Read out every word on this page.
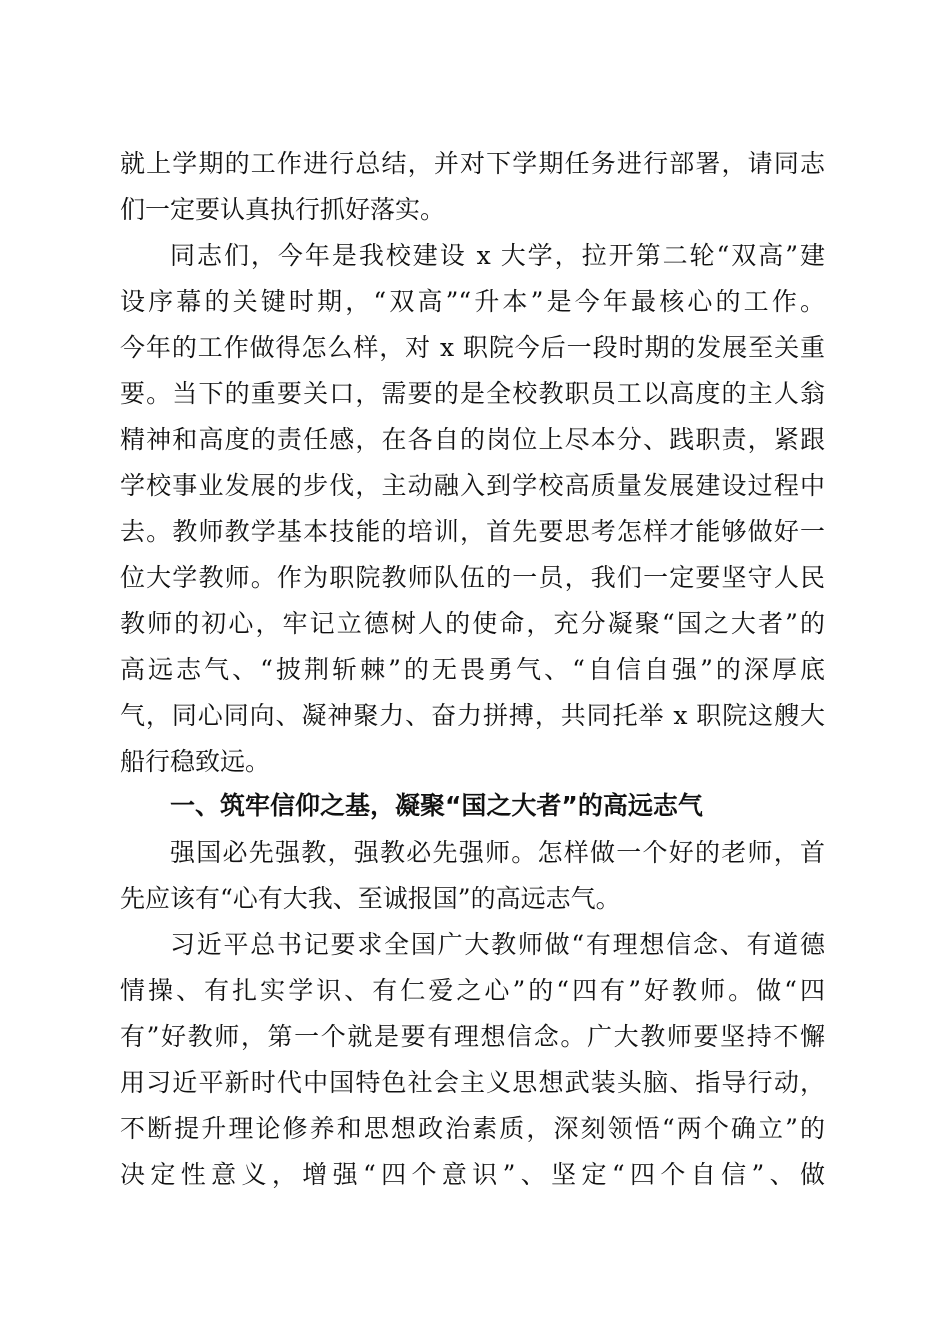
就上学期的工作进行总结，并对下学期任务进行部署，请同志
们一定要认真执行抓好落实。
同志们，今年是我校建设 x 大学，拉开第二轮“双高”建
设序幕的关键时期，“双高”“升本”是今年最核心的工作。
今年的工作做得怎么样，对 x 职院今后一段时期的发展至关重
要。当下的重要关口，需要的是全校教职员工以高度的主人翁
精神和高度的责任感，在各自的岗位上尽本分、践职责，紧跟
学校事业发展的步伐，主动融入到学校高质量发展建设过程中
去。教师教学基本技能的培训，首先要思考怎样才能够做好一
位大学教师。作为职院教师队伍的一员，我们一定要坚守人民
教师的初心，牢记立德树人的使命，充分凝聚“国之大者”的
高远志气、“披荆斩棘”的无畏勇气、“自信自强”的深厚底
气，同心同向、凝神聚力、奋力拼搏，共同托举 x 职院这艘大
船行稳致远。
一、筑牢信仰之基，凝聚“国之大者”的高远志气
强国必先强教，强教必先强师。怎样做一个好的老师，首
先应该有“心有大我、至诚报国”的高远志气。
习近平总书记要求全国广大教师做“有理想信念、有道德
情操、有扎实学识、有仁爱之心”的“四有”好教师。做“四
有”好教师，第一个就是要有理想信念。广大教师要坚持不懈
用习近平新时代中国特色社会主义思想武装头脑、指导行动，
不断提升理论修养和思想政治素质，深刻领悟“两个确立”的
决定性意义，增强“四个意识”、坚定“四个自信”、做
